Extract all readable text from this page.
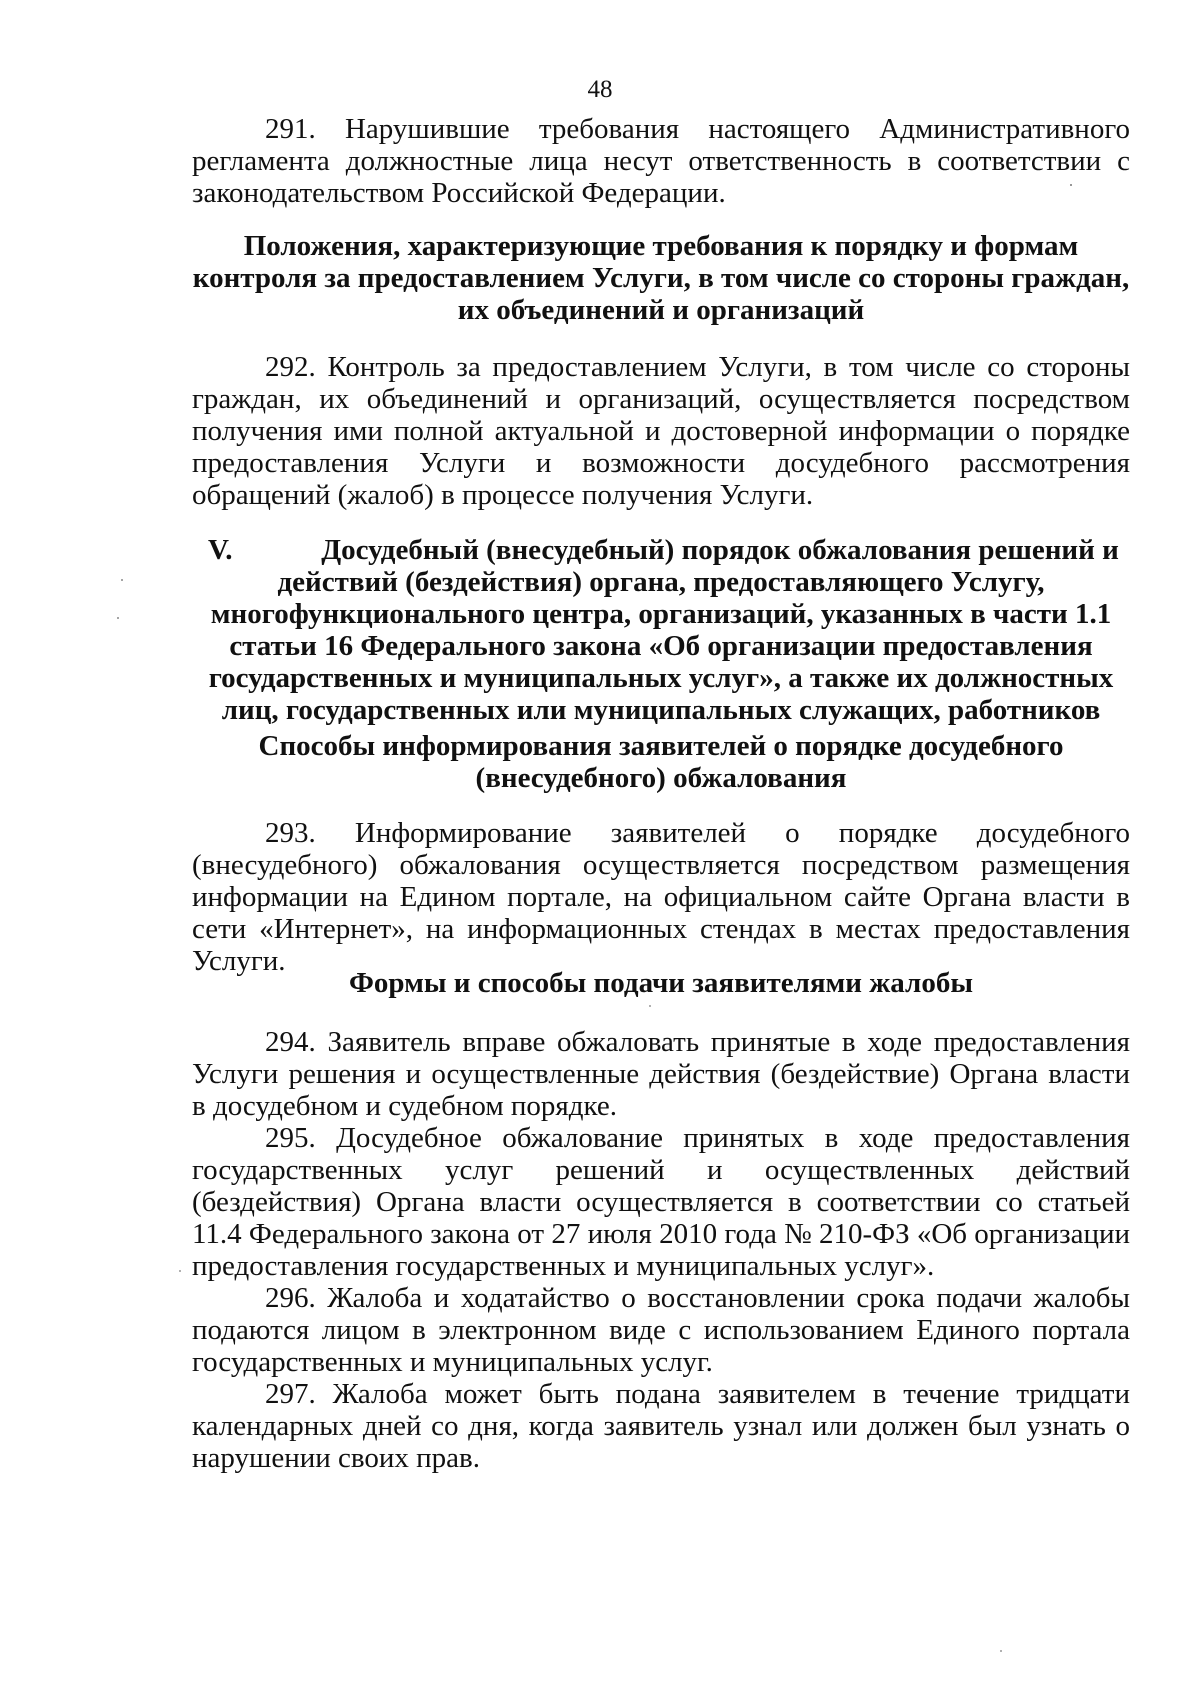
48

291. Нарушившие требования настоящего Административного регламента должностные лица несут ответственность в соответствии с законодательством Российской Федерации.

Положения, характеризующие требования к порядку и формам контроля за предоставлением Услуги, в том числе со стороны граждан, их объединений и организаций

292. Контроль за предоставлением Услуги, в том числе со стороны граждан, их объединений и организаций, осуществляется посредством получения ими полной актуальной и достоверной информации о порядке предоставления Услуги и возможности досудебного рассмотрения обращений (жалоб) в процессе получения Услуги.

V.	Досудебный (внесудебный) порядок обжалования решений и
действий (бездействия) органа, предоставляющего Услугу, многофункционального центра, организаций, указанных в части 1.1 статьи 16 Федерального закона «Об организации предоставления государственных и муниципальных услуг», а также их должностных лиц, государственных или муниципальных служащих, работников
Способы информирования заявителей о порядке досудебного (внесудебного) обжалования

293. Информирование заявителей о порядке досудебного (внесудебного) обжалования осуществляется посредством размещения информации на Едином портале, на официальном сайте Органа власти в сети «Интернет», на информационных стендах в местах предоставления Услуги.

Формы и способы подачи заявителями жалобы

294. Заявитель вправе обжаловать принятые в ходе предоставления Услуги решения и осуществленные действия (бездействие) Органа власти в досудебном и судебном порядке.

295. Досудебное обжалование принятых в ходе предоставления государственных услуг решений и осуществленных действий (бездействия) Органа власти осуществляется в соответствии со статьей 11.4 Федерального закона от 27 июля 2010 года № 210-ФЗ «Об организации предоставления государственных и муниципальных услуг».

296. Жалоба и ходатайство о восстановлении срока подачи жалобы подаются лицом в электронном виде с использованием Единого портала государственных и муниципальных услуг.

297. Жалоба может быть подана заявителем в течение тридцати календарных дней со дня, когда заявитель узнал или должен был узнать о нарушении своих прав.
